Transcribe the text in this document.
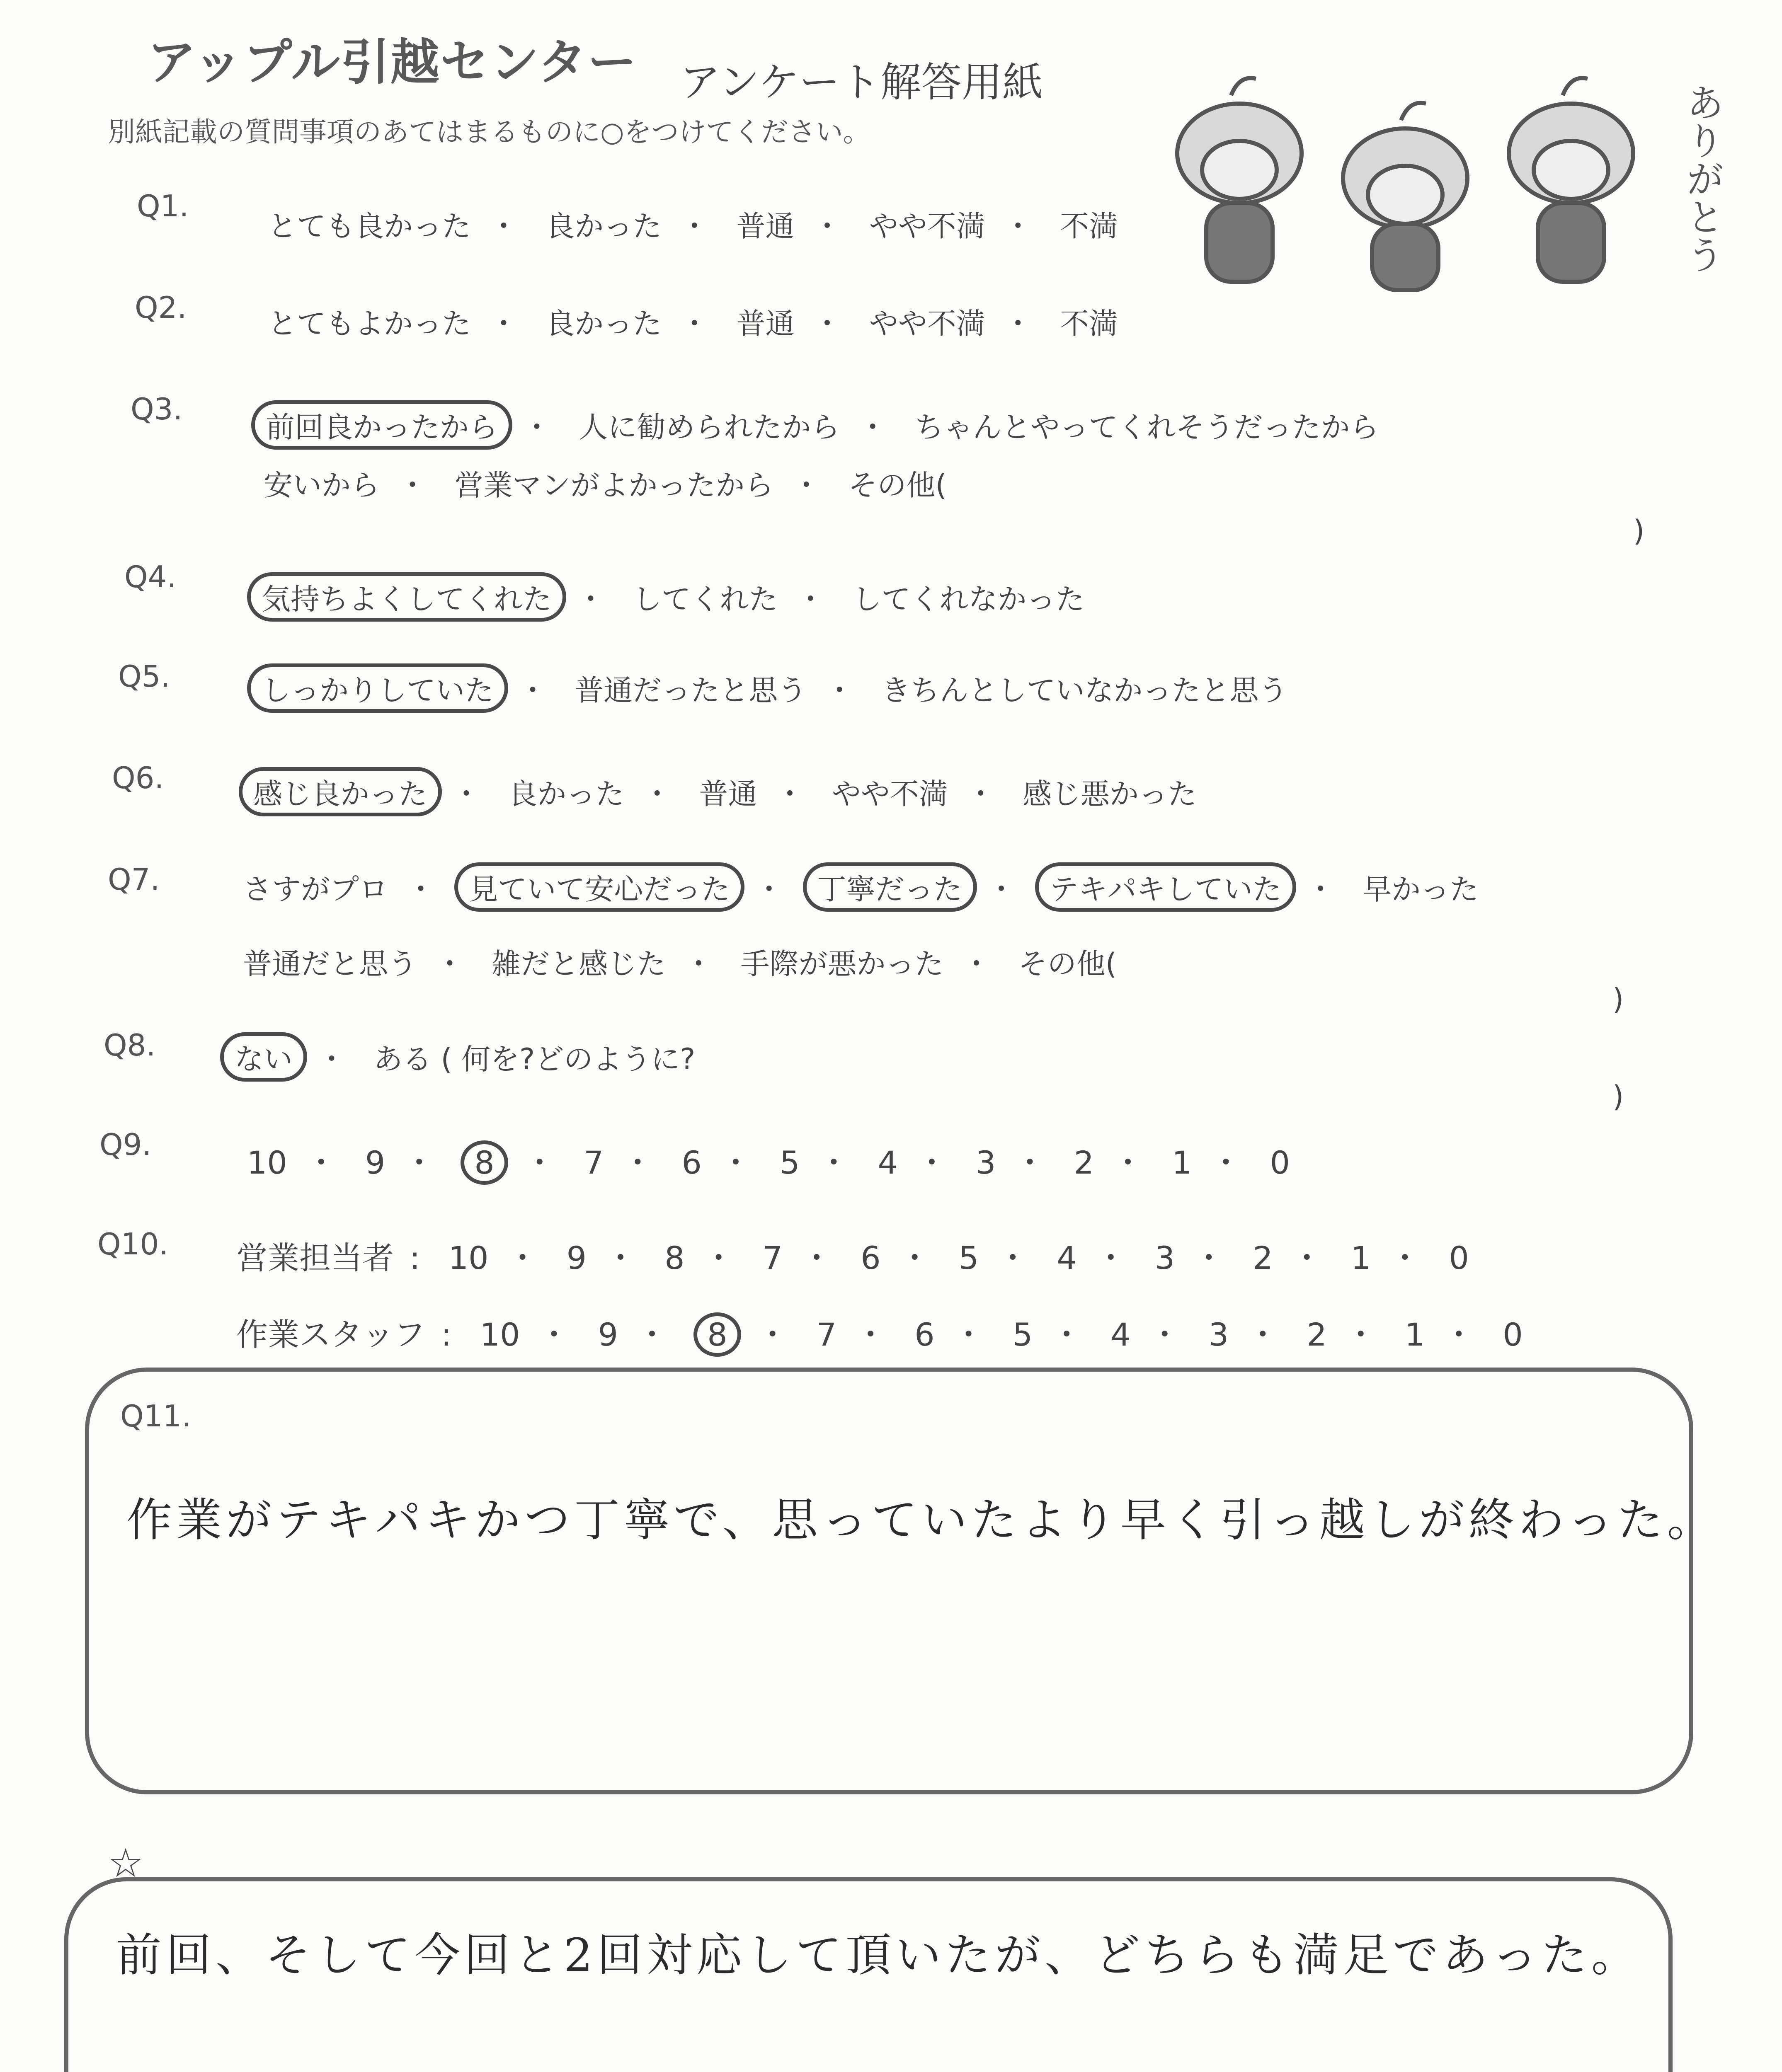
アップル引越センター アンケート解答用紙
別紙記載の質問事項のあてはまるものに○をつけてください。	ありがとう
Q1.
とても良かった ・ 良かった ・ 普通 ・ やや不満 ・ 不満
Q2.	とてもよかった ・ 良かった ・ 普通 ・ やや不満 ・ 不満
Q3.
前回良かったから ・ 人に勧められたから ・ ちゃんとやってくれそうだったから
安いから ・ 営業マンがよかったから ・ その他(
)
Q4.
気持ちよくしてくれた ・ してくれた ・ してくれなかった
Q5.	しっかりしていた ・ 普通だったと思う ・ きちんとしていなかったと思う
Q6.	感じ良かった ・ 良かった ・ 普通 ・ やや不満 ・ 感じ悪かった
Q7.	さすがプロ ・ 見ていて安心だった ・ 丁寧だった ・ テキパキしていた ・ 早かった
普通だと思う ・ 雑だと感じた ・ 手際が悪かった ・ その他(
)
Q8.	ない ・ ある ( 何を?どのように?
)
Q9.	10 ・ 9 ・ 8 ・ 7 ・ 6 ・ 5 ・ 4 ・ 3 ・ 2 ・ 1 ・ 0
Q10. 営業担当者 : 10 ・ 9 ・ 8 ・ 7 ・ 6 ・ 5 ・ 4 ・ 3 ・ 2 ・ 1 ・ 0
作業スタッフ : 10 ・ 9 ・ 8 ・ 7 ・ 6 ・ 5 ・ 4 ・ 3 ・ 2 ・ 1 ・ 0
Q11.
作業がテキパキかつ丁寧で、思っていたより早く引っ越しが終わった。
☆
前回、そして今回と2回対応して頂いたが、どちらも満足であった。
